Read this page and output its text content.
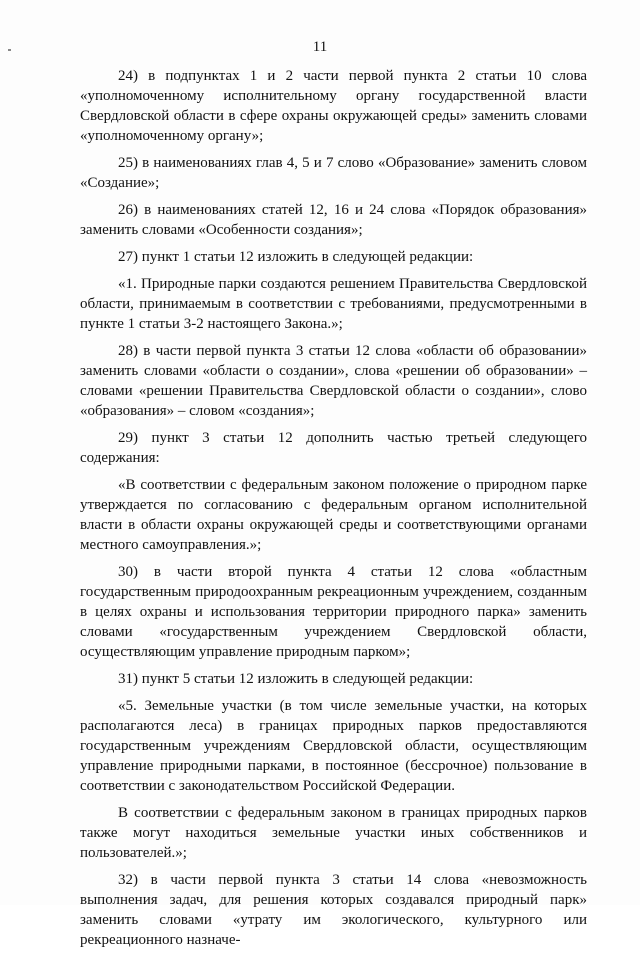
11

24) в подпунктах 1 и 2 части первой пункта 2 статьи 10 слова «уполномоченному исполнительному органу государственной власти Свердловской области в сфере охраны окружающей среды» заменить словами «уполномоченному органу»;

25) в наименованиях глав 4, 5 и 7 слово «Образование» заменить словом «Создание»;

26) в наименованиях статей 12, 16 и 24 слова «Порядок образования» заменить словами «Особенности создания»;

27) пункт 1 статьи 12 изложить в следующей редакции:

«1. Природные парки создаются решением Правительства Свердловской области, принимаемым в соответствии с требованиями, предусмотренными в пункте 1 статьи 3-2 настоящего Закона.»;

28) в части первой пункта 3 статьи 12 слова «области об образовании» заменить словами «области о создании», слова «решении об образовании» – словами «решении Правительства Свердловской области о создании», слово «образования» – словом «создания»;

29) пункт 3 статьи 12 дополнить частью третьей следующего содержания:

«В соответствии с федеральным законом положение о природном парке утверждается по согласованию с федеральным органом исполнительной власти в области охраны окружающей среды и соответствующими органами местного самоуправления.»;

30) в части второй пункта 4 статьи 12 слова «областным государственным природоохранным рекреационным учреждением, созданным в целях охраны и использования территории природного парка» заменить словами «государственным учреждением Свердловской области, осуществляющим управление природным парком»;

31) пункт 5 статьи 12 изложить в следующей редакции:

«5. Земельные участки (в том числе земельные участки, на которых располагаются леса) в границах природных парков предоставляются государственным учреждениям Свердловской области, осуществляющим управление природными парками, в постоянное (бессрочное) пользование в соответствии с законодательством Российской Федерации.

В соответствии с федеральным законом в границах природных парков также могут находиться земельные участки иных собственников и пользователей.»;

32) в части первой пункта 3 статьи 14 слова «невозможность выполнения задач, для решения которых создавался природный парк» заменить словами «утрату им экологического, культурного или рекреационного назначе-
